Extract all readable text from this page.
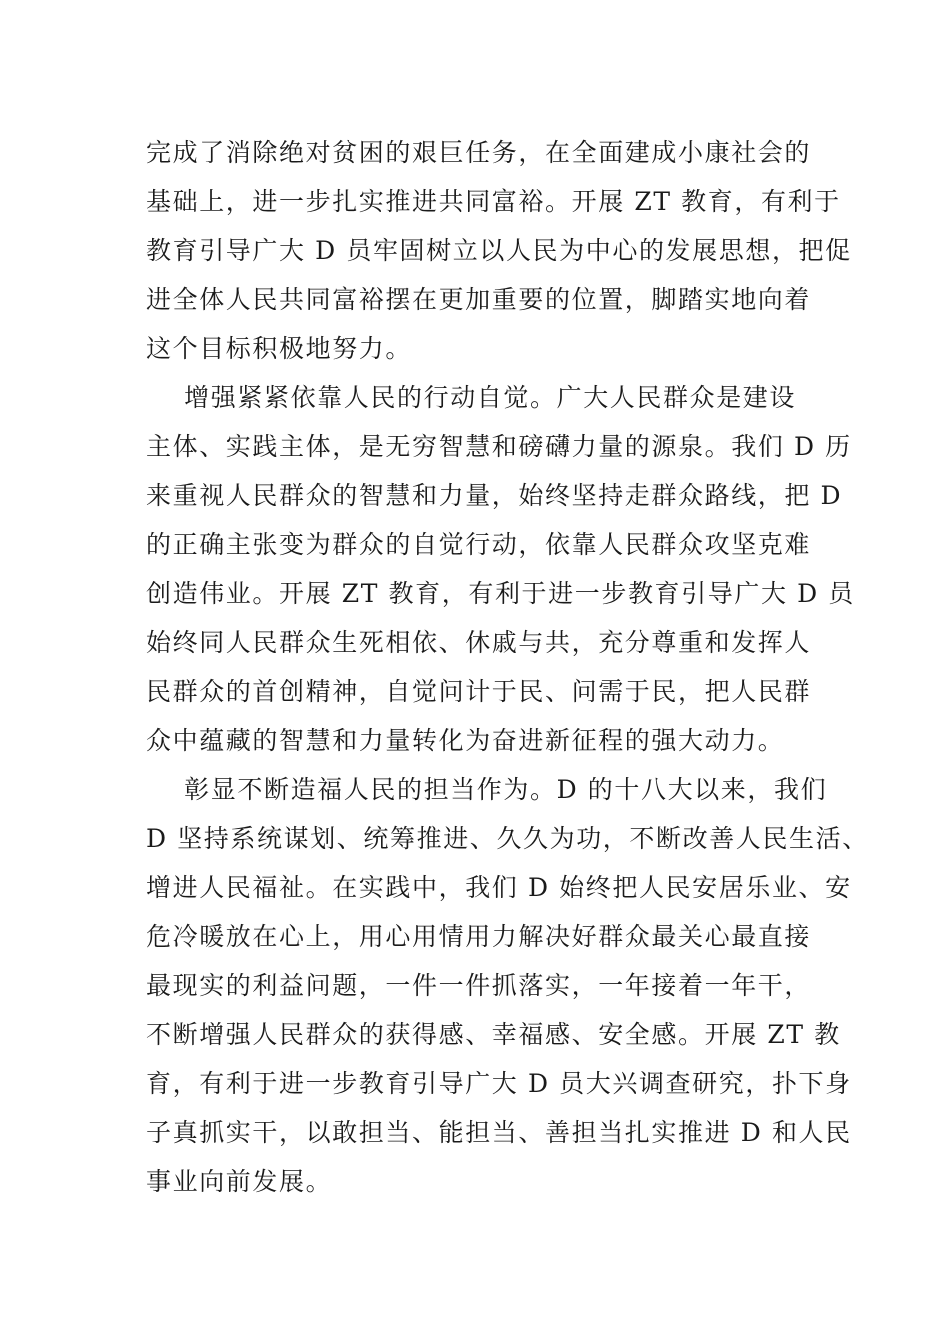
完成了消除绝对贫困的艰巨任务，在全面建成小康社会的
基础上，进一步扎实推进共同富裕。开展 ZT 教育，有利于
教育引导广大 D 员牢固树立以人民为中心的发展思想，把促
进全体人民共同富裕摆在更加重要的位置，脚踏实地向着
这个目标积极地努力。
增强紧紧依靠人民的行动自觉。广大人民群众是建设
主体、实践主体，是无穷智慧和磅礴力量的源泉。我们 D 历
来重视人民群众的智慧和力量，始终坚持走群众路线，把 D
的正确主张变为群众的自觉行动，依靠人民群众攻坚克难
创造伟业。开展 ZT 教育，有利于进一步教育引导广大 D 员
始终同人民群众生死相依、休戚与共，充分尊重和发挥人
民群众的首创精神，自觉问计于民、问需于民，把人民群
众中蕴藏的智慧和力量转化为奋进新征程的强大动力。
彰显不断造福人民的担当作为。D 的十八大以来，我们
D 坚持系统谋划、统筹推进、久久为功，不断改善人民生活、
增进人民福祉。在实践中，我们 D 始终把人民安居乐业、安
危冷暖放在心上，用心用情用力解决好群众最关心最直接
最现实的利益问题，一件一件抓落实，一年接着一年干，
不断增强人民群众的获得感、幸福感、安全感。开展 ZT 教
育，有利于进一步教育引导广大 D 员大兴调查研究，扑下身
子真抓实干，以敢担当、能担当、善担当扎实推进 D 和人民
事业向前发展。
